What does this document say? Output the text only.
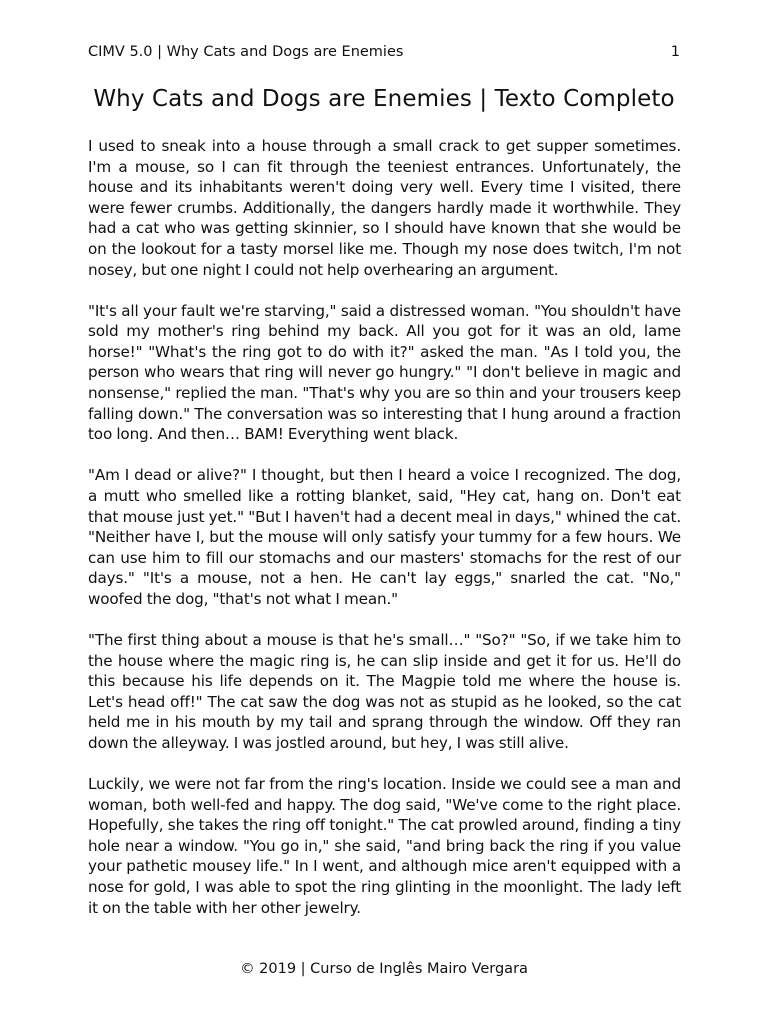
CIMV 5.0 | Why Cats and Dogs are Enemies	1
Why Cats and Dogs are Enemies | Texto Completo

I used to sneak into a house through a small crack to get supper sometimes. I'm a mouse, so I can fit through the teeniest entrances. Unfortunately, the house and its inhabitants weren't doing very well. Every time I visited, there were fewer crumbs. Additionally, the dangers hardly made it worthwhile. They had a cat who was getting skinnier, so I should have known that she would be on the lookout for a tasty morsel like me. Though my nose does twitch, I'm not nosey, but one night I could not help overhearing an argument.

"It's all your fault we're starving," said a distressed woman. "You shouldn't have sold my mother's ring behind my back. All you got for it was an old, lame horse!" "What's the ring got to do with it?" asked the man. "As I told you, the person who wears that ring will never go hungry." "I don't believe in magic and nonsense," replied the man. "That's why you are so thin and your trousers keep falling down." The conversation was so interesting that I hung around a fraction too long. And then… BAM! Everything went black.

"Am I dead or alive?" I thought, but then I heard a voice I recognized. The dog, a mutt who smelled like a rotting blanket, said, "Hey cat, hang on. Don't eat that mouse just yet." "But I haven't had a decent meal in days," whined the cat. "Neither have I, but the mouse will only satisfy your tummy for a few hours. We can use him to fill our stomachs and our masters' stomachs for the rest of our days." "It's a mouse, not a hen. He can't lay eggs," snarled the cat. "No," woofed the dog, "that's not what I mean."

"The first thing about a mouse is that he's small…" "So?" "So, if we take him to the house where the magic ring is, he can slip inside and get it for us. He'll do this because his life depends on it. The Magpie told me where the house is. Let's head off!" The cat saw the dog was not as stupid as he looked, so the cat held me in his mouth by my tail and sprang through the window. Off they ran down the alleyway. I was jostled around, but hey, I was still alive.

Luckily, we were not far from the ring's location. Inside we could see a man and woman, both well-fed and happy. The dog said, "We've come to the right place. Hopefully, she takes the ring off tonight." The cat prowled around, finding a tiny hole near a window. "You go in," she said, "and bring back the ring if you value your pathetic mousey life." In I went, and although mice aren't equipped with a nose for gold, I was able to spot the ring glinting in the moonlight. The lady left it on the table with her other jewelry.

© 2019 | Curso de Inglês Mairo Vergara
